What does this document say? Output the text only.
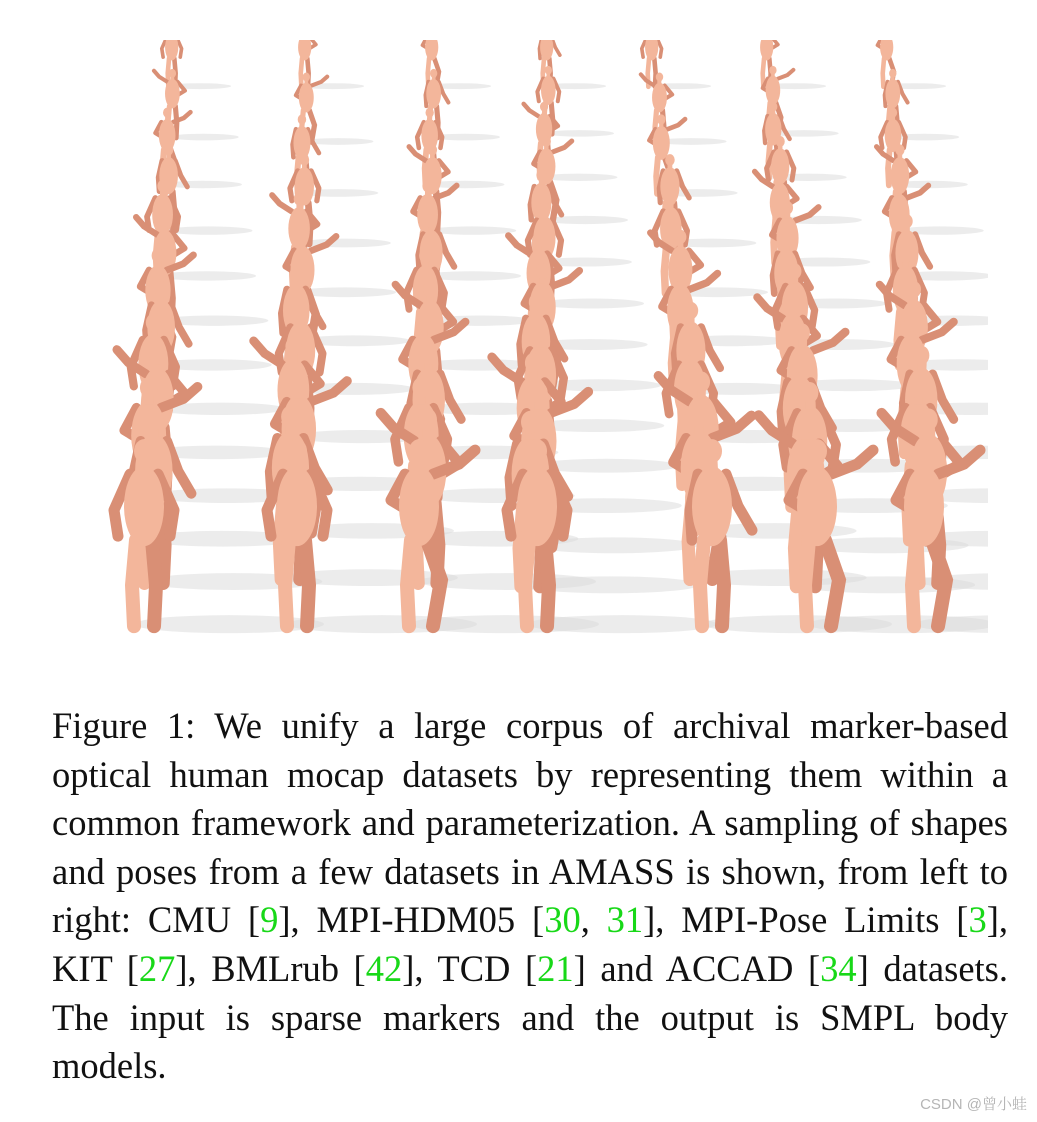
Figure 1: We unify a large corpus of archival marker-based optical human mocap datasets by representing them within a common framework and parameterization. A sampling of shapes and poses from a few datasets in AMASS is shown, from left to right: CMU [9], MPI-HDM05 [30, 31], MPI-Pose Limits [3], KIT [27], BMLrub [42], TCD [21] and ACCAD [34] datasets. The input is sparse markers and the output is SMPL body models.
CSDN @曾小蛙
